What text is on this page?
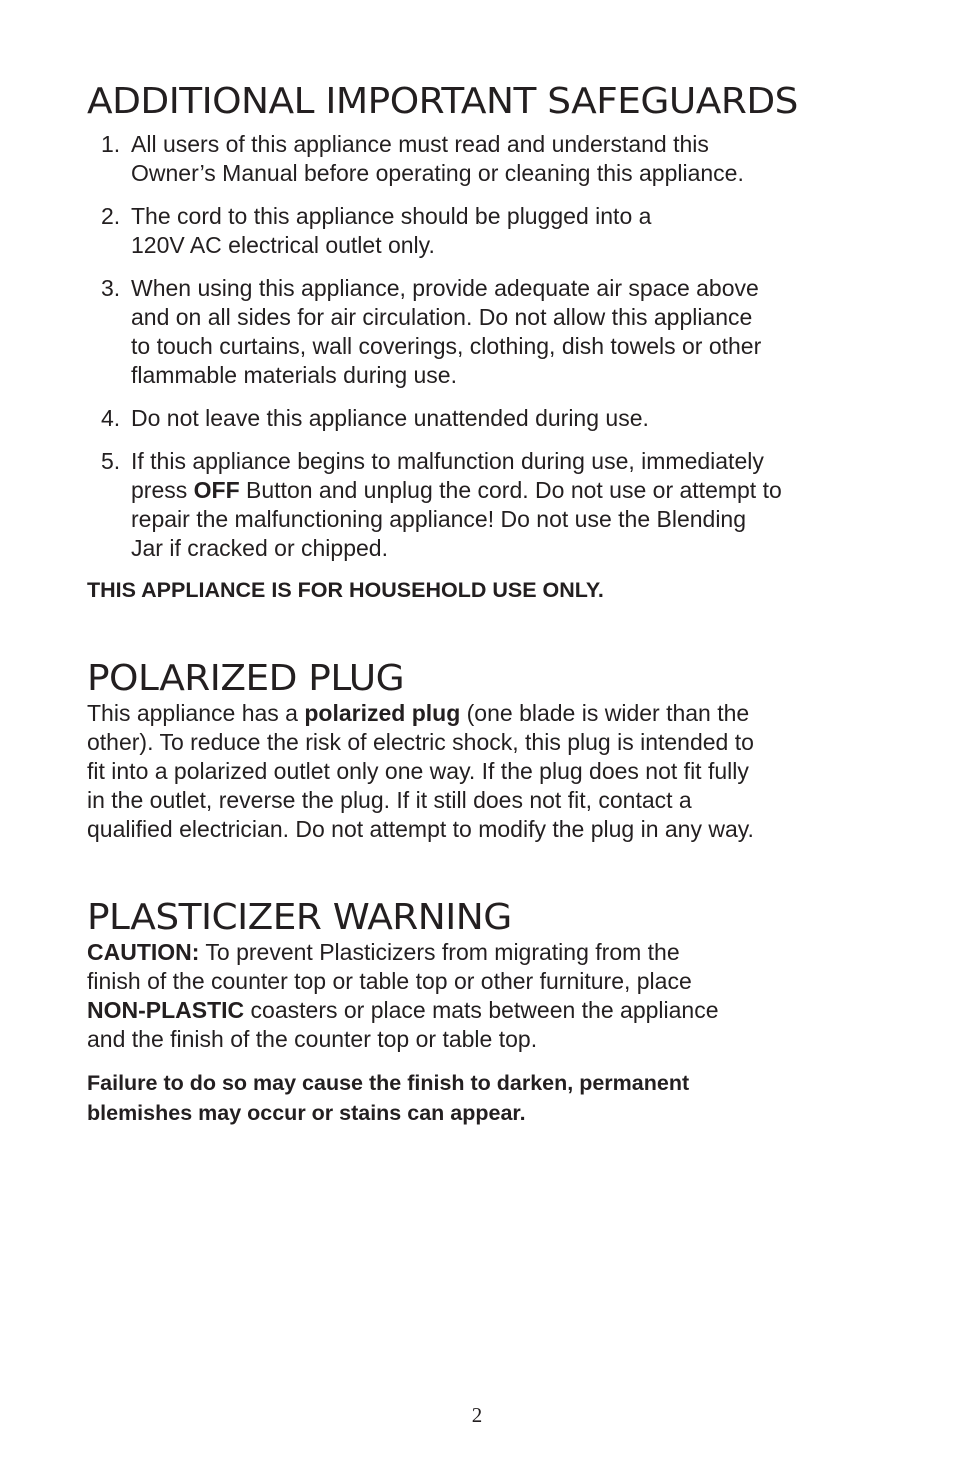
ADDITIONAL IMPORTANT SAFEGUARDS
1. All users of this appliance must read and understand this
Owner’s Manual before operating or cleaning this appliance.
2. The cord to this appliance should be plugged into a
120V AC electrical outlet only.
3. When using this appliance, provide adequate air space above
and on all sides for air circulation. Do not allow this appliance
to touch curtains, wall coverings, clothing, dish towels or other
flammable materials during use.
4. Do not leave this appliance unattended during use.
5. If this appliance begins to malfunction during use, immediately
press OFF Button and unplug the cord. Do not use or attempt to
repair the malfunctioning appliance! Do not use the Blending
Jar if cracked or chipped.
THIS APPLIANCE IS FOR HOUSEHOLD USE ONLY.
POLARIZED PLUG
This appliance has a polarized plug (one blade is wider than the
other). To reduce the risk of electric shock, this plug is intended to
fit into a polarized outlet only one way. If the plug does not fit fully
in the outlet, reverse the plug. If it still does not fit, contact a
qualified electrician. Do not attempt to modify the plug in any way.
PLASTICIZER WARNING
CAUTION: To prevent Plasticizers from migrating from the
finish of the counter top or table top or other furniture, place
NON-PLASTIC coasters or place mats between the appliance
and the finish of the counter top or table top.
Failure to do so may cause the finish to darken, permanent
blemishes may occur or stains can appear.
2
